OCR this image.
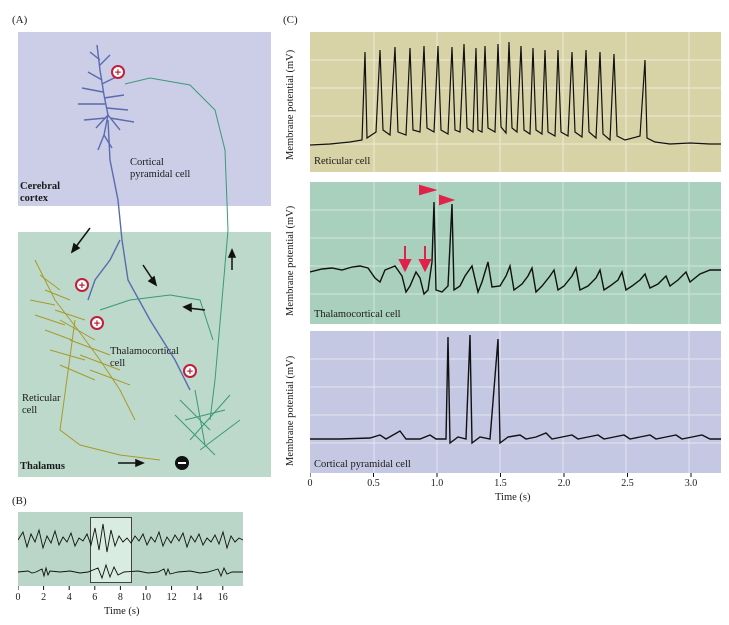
(A)
+
+
+
+
Cortical
pyramidal cell
Cerebral
cortex
Thalamocortical
cell
Reticular
cell
Thalamus
(B)
0	2	4	6	8	10	12	14	16
Time (s)
(C)
Reticular cell
Membrane potential (mV)
Thalamocortical cell
Membrane potential (mV)
Cortical pyramidal cell
Membrane potential (mV)
0	0.5	1.0	1.5	2.0	2.5	3.0
Time (s)
